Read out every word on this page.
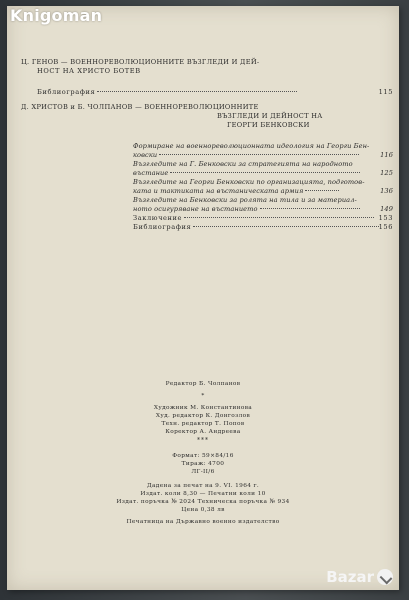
Ц. ГЕНОВ — ВОЕННОРЕВОЛЮЦИОННИТЕ ВЪЗГЛЕДИ И ДЕЙ-
НОСТ НА ХРИСТО БОТЕВ
Библиография	115
Д. ХРИСТОВ и Б. ЧОЛПАНОВ — ВОЕННОРЕВОЛЮЦИОННИТЕ
ВЪЗГЛЕДИ И ДЕЙНОСТ НА
ГЕОРГИ БЕНКОВСКИ
Формиране на военнореволюционната идеология на Георги Бен-
ковски	116
Възгледите на Г. Бенковски за стратегията на народното
въстание	125
Възгледите на Георги Бенковски по организацията, подготов-
ката и тактиката на въстаническата армия	136
Възгледите на Бенковски за ролята на тила и за материал-
ното осигуряване на въстанието	149
Заключение	153
Библиография	156
Редактор Б. Чолпанов
*
Художник М. Константинова
Худ. редактор К. Донгозлов
Техн. редактор Т. Попов
Коректор А. Андреева
***
Формат: 59×84/16
Тираж: 4700
ЛГ-II/6
Дадена за печат на 9. VI. 1964 г.
Издат. коли 8,30 — Печатни коли 10
Издат. поръчка № 2024 Техническа поръчка № 934
Цена 0,38 лв
Печатница на Държавно военно издателство
Knigoman
Bazar
